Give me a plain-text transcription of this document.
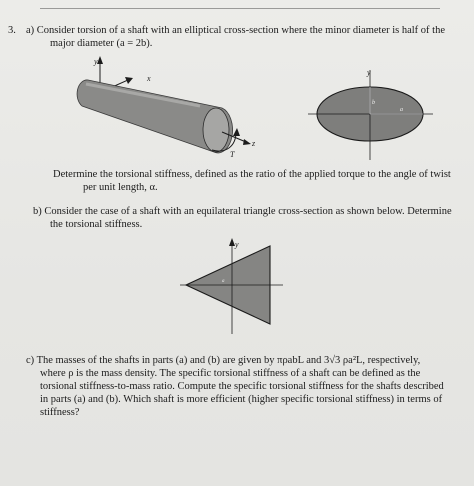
3. a) Consider torsion of a shaft with an elliptical cross-section where the minor diameter is half of the
major diameter (a = 2b).
y
x
z
T
y
b
a
y
a
Determine the torsional stiffness, defined as the ratio of the applied torque to the angle of twist
per unit length, α.
b) Consider the case of a shaft with an equilateral triangle cross-section as shown below. Determine
the torsional stiffness.
c) The masses of the shafts in parts (a) and (b) are given by πρabL and 3√3 ρa²L, respectively,
where ρ is the mass density. The specific torsional stiffness of a shaft can be defined as the
torsional stiffness-to-mass ratio. Compute the specific torsional stiffness for the shafts described
in parts (a) and (b). Which shaft is more efficient (higher specific torsional stiffness) in terms of
stiffness?
